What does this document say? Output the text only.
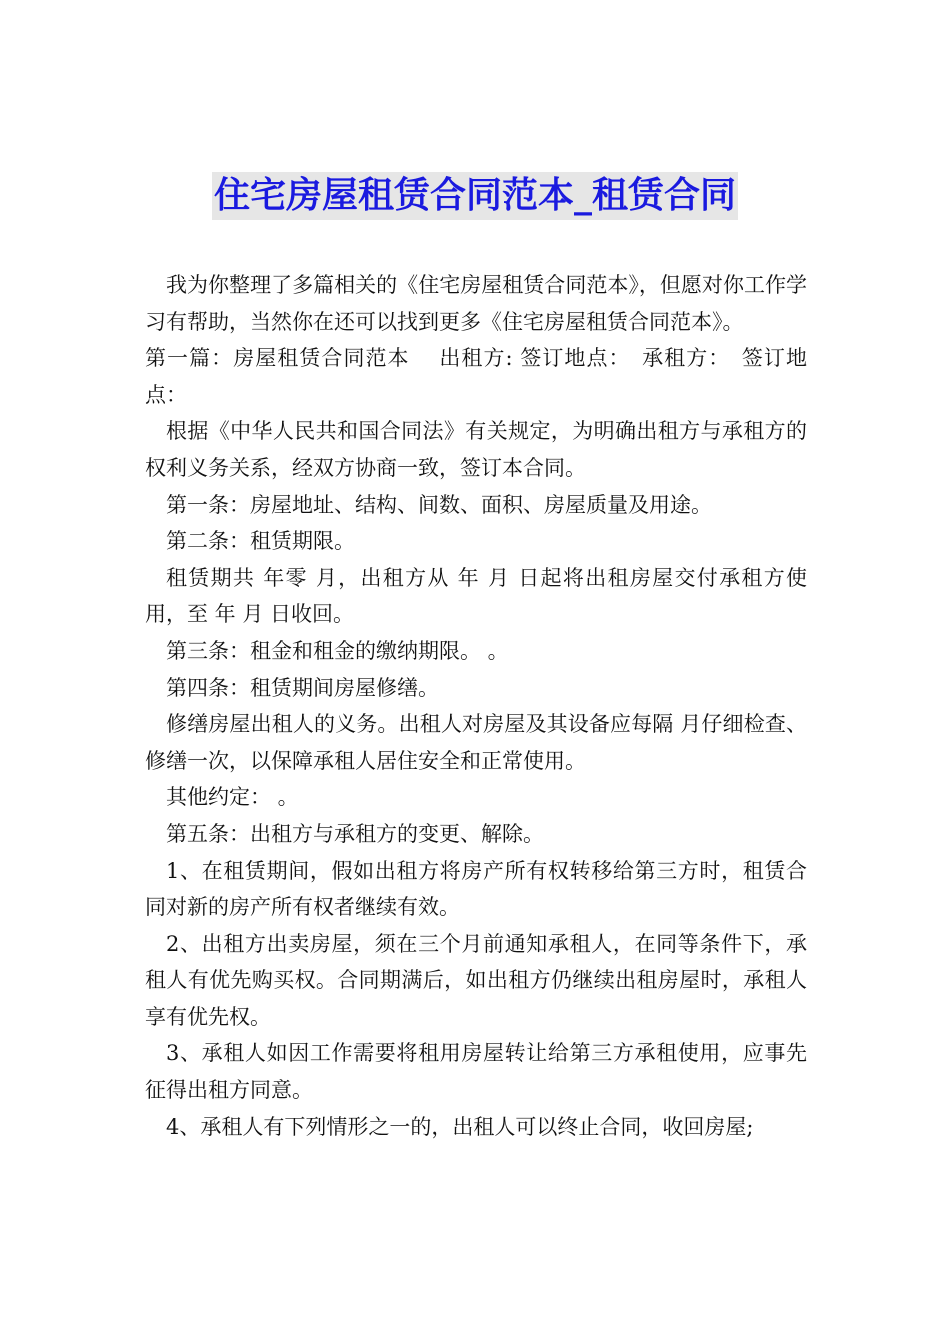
住宅房屋租赁合同范本_租赁合同

我为你整理了多篇相关的《住宅房屋租赁合同范本》，但愿对你工作学习有帮助，当然你在还可以找到更多《住宅房屋租赁合同范本》。

第一篇：房屋租赁合同范本　 出租方: 签订地点：　承租方：　签订地点：

根据《中华人民共和国合同法》有关规定，为明确出租方与承租方的权利义务关系，经双方协商一致，签订本合同。

第一条：房屋地址、结构、间数、面积、房屋质量及用途。

第二条：租赁期限。

租赁期共 年零 月，出租方从 年 月 日起将出租房屋交付承租方使用，至 年 月 日收回。

第三条：租金和租金的缴纳期限。 。

第四条：租赁期间房屋修缮。

修缮房屋出租人的义务。出租人对房屋及其设备应每隔 月仔细检查、修缮一次，以保障承租人居住安全和正常使用。

其他约定： 。

第五条：出租方与承租方的变更、解除。

1、在租赁期间，假如出租方将房产所有权转移给第三方时，租赁合同对新的房产所有权者继续有效。

2、出租方出卖房屋，须在三个月前通知承租人，在同等条件下，承租人有优先购买权。合同期满后，如出租方仍继续出租房屋时，承租人享有优先权。

3、承租人如因工作需要将租用房屋转让给第三方承租使用，应事先征得出租方同意。

4、承租人有下列情形之一的，出租人可以终止合同，收回房屋;
